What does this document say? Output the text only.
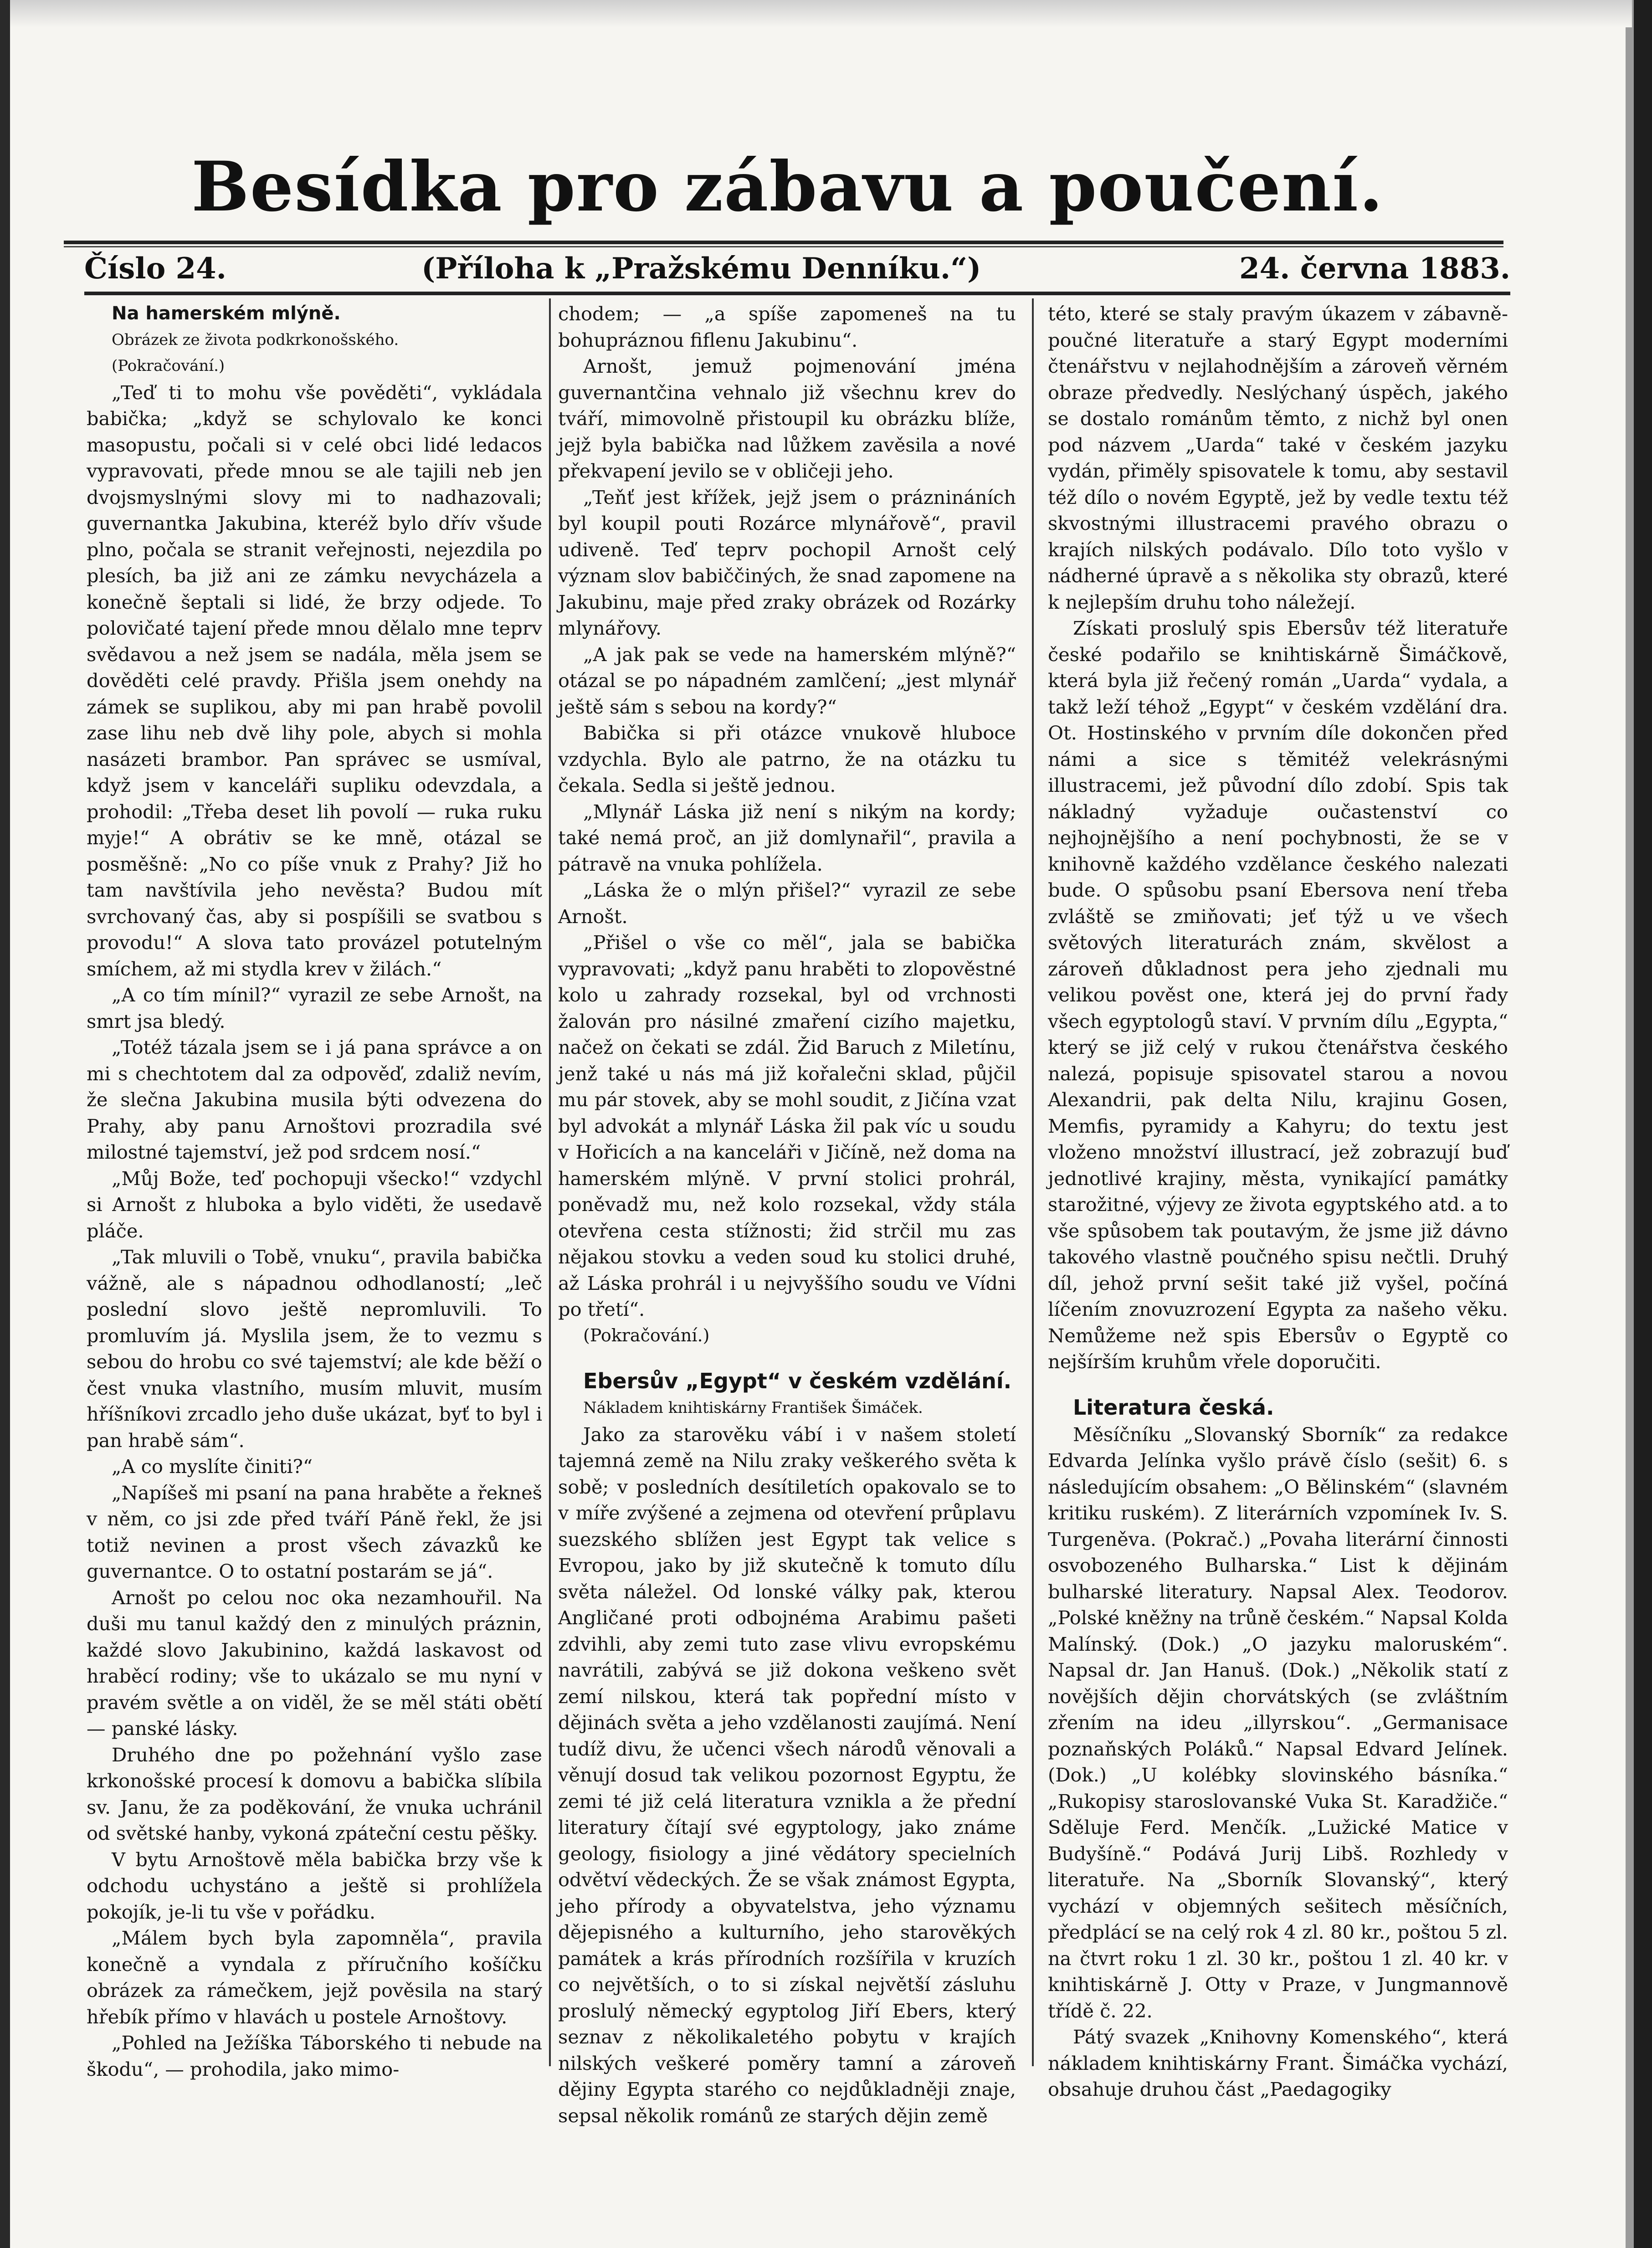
Besídka pro zábavu a poučení.
Číslo 24.	(Příloha k „Pražskému Denníku.“)	24. června 1883.

Na hamerském mlýně.

Obrázek ze života podkrkonošského.

(Pokračování.)

„Teď ti to mohu vše pověděti“, vykládala babička; „když se schylovalo ke konci masopustu, počali si v celé obci lidé ledacos vypravovati, přede mnou se ale tajili neb jen dvojsmyslnými slovy mi to nadhazovali; guvernantka Jakubina, kteréž bylo dřív všude plno, počala se stranit veřejnosti, nejezdila po plesích, ba již ani ze zámku nevycházela a konečně šeptali si lidé, že brzy odjede. To polovičaté tajení přede mnou dělalo mne teprv svědavou a než jsem se nadála, měla jsem se dověděti celé pravdy. Přišla jsem onehdy na zámek se suplikou, aby mi pan hrabě povolil zase lihu neb dvě lihy pole, abych si mohla nasázeti brambor. Pan správec se usmíval, když jsem v kanceláři supliku odevzdala, a prohodil: „Třeba deset lih povolí — ruka ruku myje!“ A obrátiv se ke mně, otázal se posměšně: „No co píše vnuk z Prahy? Již ho tam navštívila jeho nevěsta? Budou mít svrchovaný čas, aby si pospíšili se svatbou s provodu!“ A slova tato provázel potutelným smíchem, až mi stydla krev v žilách.“

„A co tím mínil?“ vyrazil ze sebe Arnošt, na smrt jsa bledý.

„Totéž tázala jsem se i já pana správce a on mi s chechtotem dal za odpověď, zdaliž nevím, že slečna Jakubina musila býti odvezena do Prahy, aby panu Arnoštovi prozradila své milostné tajemství, jež pod srdcem nosí.“

„Můj Bože, teď pochopuji všecko!“ vzdychl si Arnošt z hluboka a bylo viděti, že usedavě pláče.

„Tak mluvili o Tobě, vnuku“, pravila babička vážně, ale s nápadnou odhodlaností; „leč poslední slovo ještě nepromluvili. To promluvím já. Myslila jsem, že to vezmu s sebou do hrobu co své tajemství; ale kde běží o čest vnuka vlastního, musím mluvit, musím hříšníkovi zrcadlo jeho duše ukázat, byť to byl i pan hrabě sám“.

„A co myslíte činiti?“

„Napíšeš mi psaní na pana hraběte a řekneš v něm, co jsi zde před tváří Páně řekl, že jsi totiž nevinen a prost všech závazků ke guvernantce. O to ostatní postarám se já“.

Arnošt po celou noc oka nezamhouřil. Na duši mu tanul každý den z minulých práznin, každé slovo Jakubinino, každá laskavost od hraběcí rodiny; vše to ukázalo se mu nyní v pravém světle a on viděl, že se měl státi obětí — panské lásky.

Druhého dne po požehnání vyšlo zase krkonošské procesí k domovu a babička slíbila sv. Janu, že za poděkování, že vnuka uchránil od světské hanby, vykoná zpáteční cestu pěšky.

V bytu Arnoštově měla babička brzy vše k odchodu uchystáno a ještě si prohlížela pokojík, je-li tu vše v pořádku.

„Málem bych byla zapomněla“, pravila konečně a vyndala z příručního košíčku obrázek za rámečkem, jejž pověsila na starý hřebík přímo v hlavách u postele Arnoštovy.

„Pohled na Ježíška Táborského ti nebude na škodu“, — prohodila, jako mimo-

chodem; — „a spíše zapomeneš na tu bohupráznou fiflenu Jakubinu“.

Arnošt, jemuž pojmenování jména guvernantčina vehnalo již všechnu krev do tváří, mimovolně přistoupil ku obrázku blíže, jejž byla babička nad lůžkem zavěsila a nové překvapení jevilo se v obličeji jeho.

„Teňť jest křížek, jejž jsem o práznináních byl koupil pouti Rozárce mlynářově“, pravil udiveně. Teď teprv pochopil Arnošt celý význam slov babiččiných, že snad zapomene na Jakubinu, maje před zraky obrázek od Rozárky mlynářovy.

„A jak pak se vede na hamerském mlýně?“ otázal se po nápadném zamlčení; „jest mlynář ještě sám s sebou na kordy?“

Babička si při otázce vnukově hluboce vzdychla. Bylo ale patrno, že na otázku tu čekala. Sedla si ještě jednou.

„Mlynář Láska již není s nikým na kordy; také nemá proč, an již domlynařil“, pravila a pátravě na vnuka pohlížela.

„Láska že o mlýn přišel?“ vyrazil ze sebe Arnošt.

„Přišel o vše co měl“, jala se babička vypravovati; „když panu hraběti to zlopověstné kolo u zahrady rozsekal, byl od vrchnosti žalován pro násilné zmaření cizího majetku, načež on čekati se zdál. Žid Baruch z Miletínu, jenž také u nás má již kořalečni sklad, půjčil mu pár stovek, aby se mohl soudit, z Jičína vzat byl advokát a mlynář Láska žil pak víc u soudu v Hořicích a na kanceláři v Jičíně, než doma na hamerském mlýně. V první stolici prohrál, poněvadž mu, než kolo rozsekal, vždy stála otevřena cesta stížnosti; žid strčil mu zas nějakou stovku a veden soud ku stolici druhé, až Láska prohrál i u nejvyššího soudu ve Vídni po třetí“.

(Pokračování.)

Ebersův „Egypt“ v českém vzdělání.

Nákladem knihtiskárny František Šimáček.

Jako za starověku vábí i v našem století tajemná země na Nilu zraky veškerého světa k sobě; v posledních desítiletích opakovalo se to v míře zvýšené a zejmena od otevření průplavu suezského sblížen jest Egypt tak velice s Evropou, jako by již skutečně k tomuto dílu světa náležel. Od lonské války pak, kterou Angličané proti odbojnéma Arabimu pašeti zdvihli, aby zemi tuto zase vlivu evropskému navrátili, zabývá se již dokona veškeno svět zemí nilskou, která tak popřední místo v dějinách světa a jeho vzdělanosti zaujímá. Není tudíž divu, že učenci všech národů věnovali a věnují dosud tak velikou pozornost Egyptu, že zemi té již celá literatura vznikla a že přední literatury čítají své egyptology, jako známe geology, fisiology a jiné vědátory specielních odvětví vědeckých. Že se však známost Egypta, jeho přírody a obyvatelstva, jeho významu dějepisného a kulturního, jeho starověkých památek a krás přírodních rozšířila v kruzích co největších, o to si získal největší zásluhu proslulý německý egyptolog Jiří Ebers, který seznav z několikaletého pobytu v krajích nilských veškeré poměry tamní a zároveň dějiny Egypta starého co nejdůkladněji znaje, sepsal několik románů ze starých dějin země

této, které se staly pravým úkazem v zábavně-poučné literatuře a starý Egypt moderními čtenářstvu v nejlahodnějším a zároveň věrném obraze předvedly. Neslýchaný úspěch, jakého se dostalo románům těmto, z nichž byl onen pod názvem „Uarda“ také v českém jazyku vydán, přiměly spisovatele k tomu, aby sestavil též dílo o novém Egyptě, jež by vedle textu též skvostnými illustracemi pravého obrazu o krajích nilských podávalo. Dílo toto vyšlo v nádherné úpravě a s několika sty obrazů, které k nejlepším druhu toho náležejí.

Získati proslulý spis Ebersův též literatuře české podařilo se knihtiskárně Šimáčkově, která byla již řečený román „Uarda“ vydala, a takž leží téhož „Egypt“ v českém vzdělání dra. Ot. Hostinského v prvním díle dokončen před námi a sice s těmitéž velekrásnými illustracemi, jež původní dílo zdobí. Spis tak nákladný vyžaduje oučastenství co nejhojnějšího a není pochybnosti, že se v knihovně každého vzdělance českého nalezati bude. O spůsobu psaní Ebersova není třeba zvláště se zmiňovati; jeť týž u ve všech světových literaturách znám, skvělost a zároveň důkladnost pera jeho zjednali mu velikou pověst one, která jej do první řady všech egyptologů staví. V prvním dílu „Egypta,“ který se již celý v rukou čtenářstva českého nalezá, popisuje spisovatel starou a novou Alexandrii, pak delta Nilu, krajinu Gosen, Memfis, pyramidy a Kahyru; do textu jest vloženo množství illustrací, jež zobrazují buď jednotlivé krajiny, města, vynikající památky starožitné, výjevy ze života egyptského atd. a to vše spůsobem tak poutavým, že jsme již dávno takového vlastně poučného spisu nečtli. Druhý díl, jehož první sešit také již vyšel, počíná líčením znovuzrození Egypta za našeho věku. Nemůžeme než spis Ebersův o Egyptě co nejšírším kruhům vřele doporučiti.

Literatura česká.

Měsíčníku „Slovanský Sborník“ za redakce Edvarda Jelínka vyšlo právě číslo (sešit) 6. s následujícím obsahem: „O Bělinském“ (slavném kritiku ruském). Z literárních vzpomínek Iv. S. Turgeněva. (Pokrač.) „Povaha literární činnosti osvobozeného Bulharska.“ List k dějinám bulharské literatury. Napsal Alex. Teodorov. „Polské kněžny na trůně českém.“ Napsal Kolda Malínský. (Dok.) „O jazyku maloruském“. Napsal dr. Jan Hanuš. (Dok.) „Několik statí z novějších dějin chorvátských (se zvláštním zřením na ideu „illyrskou“. „Germanisace poznaňských Poláků.“ Napsal Edvard Jelínek. (Dok.) „U kolébky slovinského básníka.“ „Rukopisy staroslovanské Vuka St. Karadžiče.“ Sděluje Ferd. Menčík. „Lužické Matice v Budyšíně.“ Podává Jurij Libš. Rozhledy v literatuře. Na „Sborník Slovanský“, který vychází v objemných sešitech měsíčních, předplácí se na celý rok 4 zl. 80 kr., poštou 5 zl. na čtvrt roku 1 zl. 30 kr., poštou 1 zl. 40 kr. v knihtiskárně J. Otty v Praze, v Jungmannově třídě č. 22.

Pátý svazek „Knihovny Komenského“, která nákladem knihtiskárny Frant. Šimáčka vychází, obsahuje druhou část „Paedagogiky
